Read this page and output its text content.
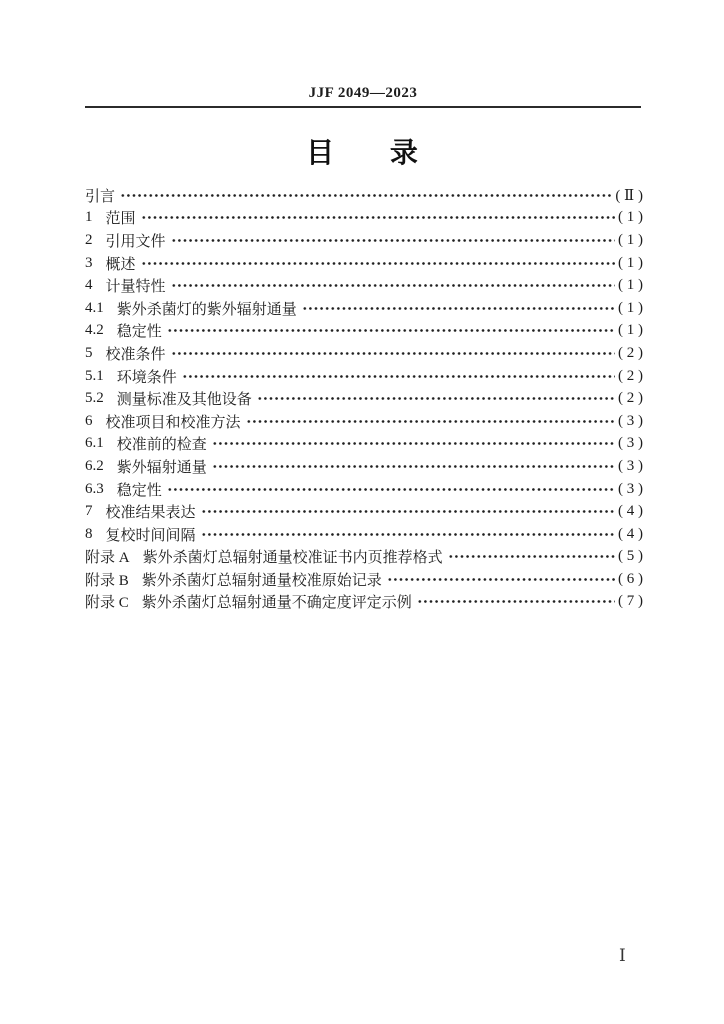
JJF 2049—2023
目 录
引言	( Ⅱ )
1 范围	( 1 )
2 引用文件	( 1 )
3 概述	( 1 )
4 计量特性	( 1 )
4.1 紫外杀菌灯的紫外辐射通量	( 1 )
4.2 稳定性	( 1 )
5 校准条件	( 2 )
5.1 环境条件	( 2 )
5.2 测量标准及其他设备	( 2 )
6 校准项目和校准方法	( 3 )
6.1 校准前的检查	( 3 )
6.2 紫外辐射通量	( 3 )
6.3 稳定性	( 3 )
7 校准结果表达	( 4 )
8 复校时间间隔	( 4 )
附录 A 紫外杀菌灯总辐射通量校准证书内页推荐格式	( 5 )
附录 B 紫外杀菌灯总辐射通量校准原始记录	( 6 )
附录 C 紫外杀菌灯总辐射通量不确定度评定示例	( 7 )
Ⅰ
